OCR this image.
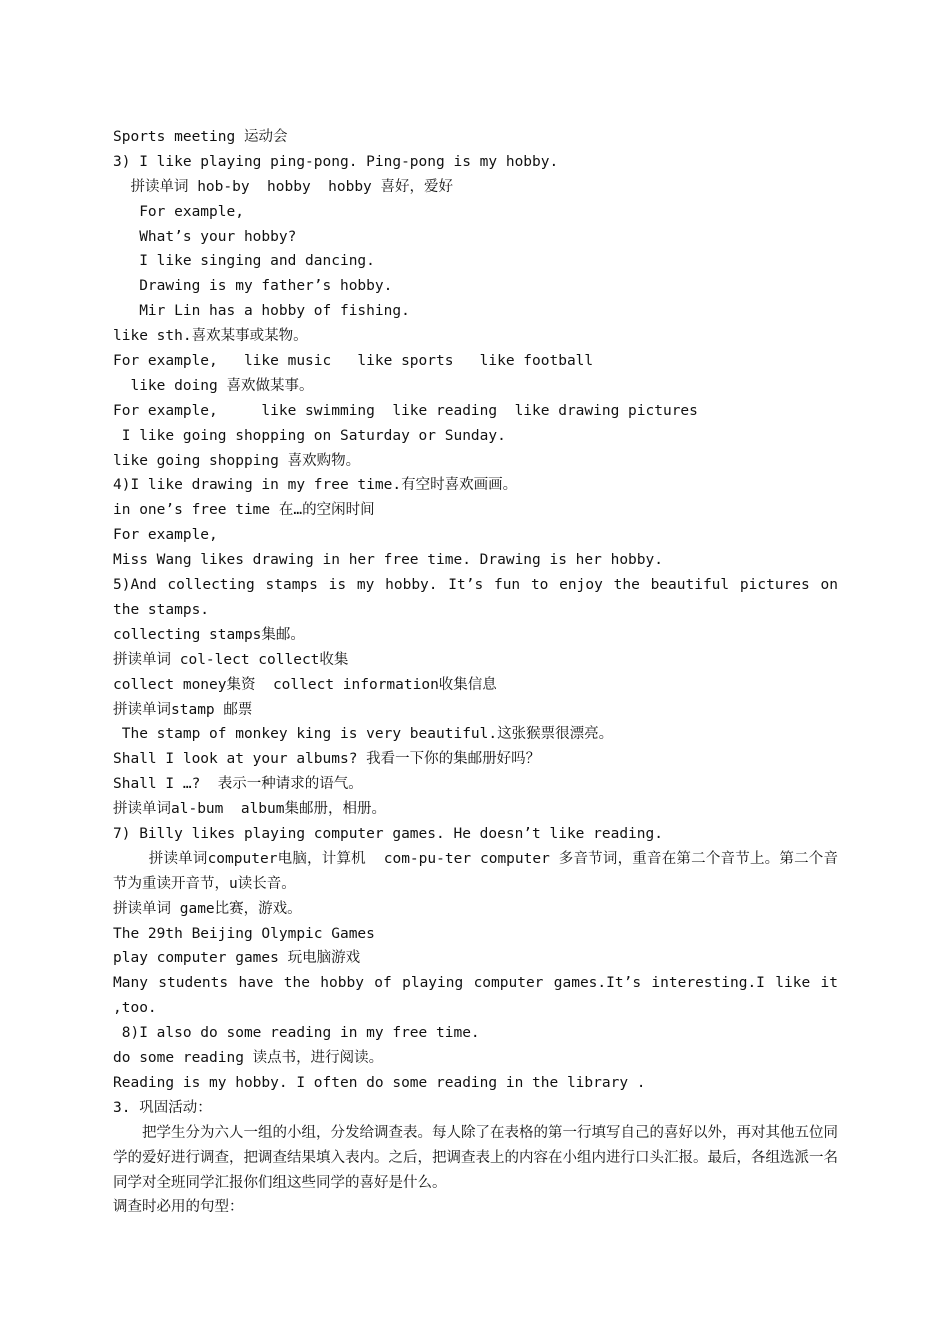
Sports meeting 运动会
3) I like playing ping-pong. Ping-pong is my hobby.
拼读单词 hob-by  hobby  hobby 喜好，爱好
For example,
What’s your hobby?
I like singing and dancing.
Drawing is my father’s hobby.
Mir Lin has a hobby of fishing.
like sth.喜欢某事或某物。
For example,   like music   like sports   like football
like doing 喜欢做某事。
For example,     like swimming  like reading  like drawing pictures
I like going shopping on Saturday or Sunday.
like going shopping 喜欢购物。
4)I like drawing in my free time.有空时喜欢画画。
in one’s free time 在…的空闲时间
For example,
Miss Wang likes drawing in her free time. Drawing is her hobby.
5)And collecting stamps is my hobby. It’s fun to enjoy the beautiful pictures on the stamps.
collecting stamps集邮。
拼读单词 col-lect collect收集
collect money集资  collect information收集信息
拼读单词stamp 邮票
The stamp of monkey king is very beautiful.这张猴票很漂亮。
Shall I look at your albums? 我看一下你的集邮册好吗？
Shall I …?  表示一种请求的语气。
拼读单词al-bum  album集邮册，相册。
7) Billy likes playing computer games. He doesn’t like reading.
拼读单词computer电脑，计算机  com-pu-ter computer 多音节词，重音在第二个音节上。第二个音节为重读开音节，u读长音。
拼读单词 game比赛，游戏。
The 29th Beijing Olympic Games
play computer games 玩电脑游戏
Many students have the hobby of playing computer games.It’s interesting.I like it ,too.
8)I also do some reading in my free time.
do some reading 读点书，进行阅读。
Reading is my hobby. I often do some reading in the library .
3. 巩固活动：
　　把学生分为六人一组的小组，分发给调查表。每人除了在表格的第一行填写自己的喜好以外，再对其他五位同学的爱好进行调查，把调查结果填入表内。之后，把调查表上的内容在小组内进行口头汇报。最后，各组选派一名同学对全班同学汇报你们组这些同学的喜好是什么。
调查时必用的句型：
